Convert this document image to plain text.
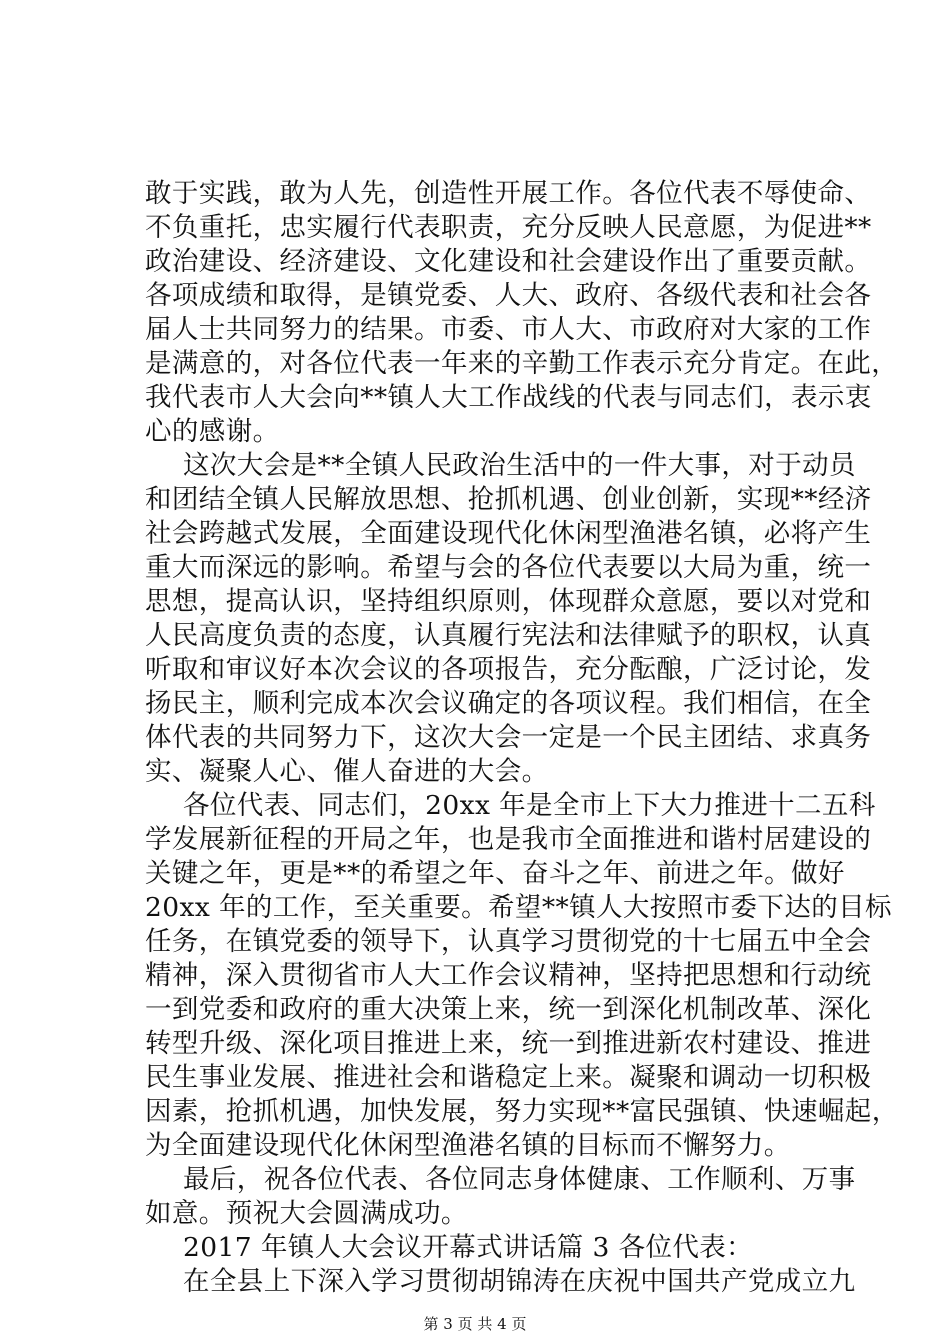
敢于实践，敢为人先，创造性开展工作。各位代表不辱使命、
不负重托，忠实履行代表职责，充分反映人民意愿，为促进**
政治建设、经济建设、文化建设和社会建设作出了重要贡献。
各项成绩和取得，是镇党委、人大、政府、各级代表和社会各
届人士共同努力的结果。市委、市人大、市政府对大家的工作
是满意的，对各位代表一年来的辛勤工作表示充分肯定。在此，
我代表市人大会向**镇人大工作战线的代表与同志们，表示衷
心的感谢。
这次大会是**全镇人民政治生活中的一件大事，对于动员
和团结全镇人民解放思想、抢抓机遇、创业创新，实现**经济
社会跨越式发展，全面建设现代化休闲型渔港名镇，必将产生
重大而深远的影响。希望与会的各位代表要以大局为重，统一
思想，提高认识，坚持组织原则，体现群众意愿，要以对党和
人民高度负责的态度，认真履行宪法和法律赋予的职权，认真
听取和审议好本次会议的各项报告，充分酝酿，广泛讨论，发
扬民主，顺利完成本次会议确定的各项议程。我们相信，在全
体代表的共同努力下，这次大会一定是一个民主团结、求真务
实、凝聚人心、催人奋进的大会。
各位代表、同志们，20xx 年是全市上下大力推进十二五科
学发展新征程的开局之年，也是我市全面推进和谐村居建设的
关键之年，更是**的希望之年、奋斗之年、前进之年。做好
20xx 年的工作，至关重要。希望**镇人大按照市委下达的目标
任务，在镇党委的领导下，认真学习贯彻党的十七届五中全会
精神，深入贯彻省市人大工作会议精神，坚持把思想和行动统
一到党委和政府的重大决策上来，统一到深化机制改革、深化
转型升级、深化项目推进上来，统一到推进新农村建设、推进
民生事业发展、推进社会和谐稳定上来。凝聚和调动一切积极
因素，抢抓机遇，加快发展，努力实现**富民强镇、快速崛起，
为全面建设现代化休闲型渔港名镇的目标而不懈努力。
最后，祝各位代表、各位同志身体健康、工作顺利、万事
如意。预祝大会圆满成功。
2017 年镇人大会议开幕式讲话篇 3 各位代表：
在全县上下深入学习贯彻胡锦涛在庆祝中国共产党成立九
第 3 页 共 4 页
